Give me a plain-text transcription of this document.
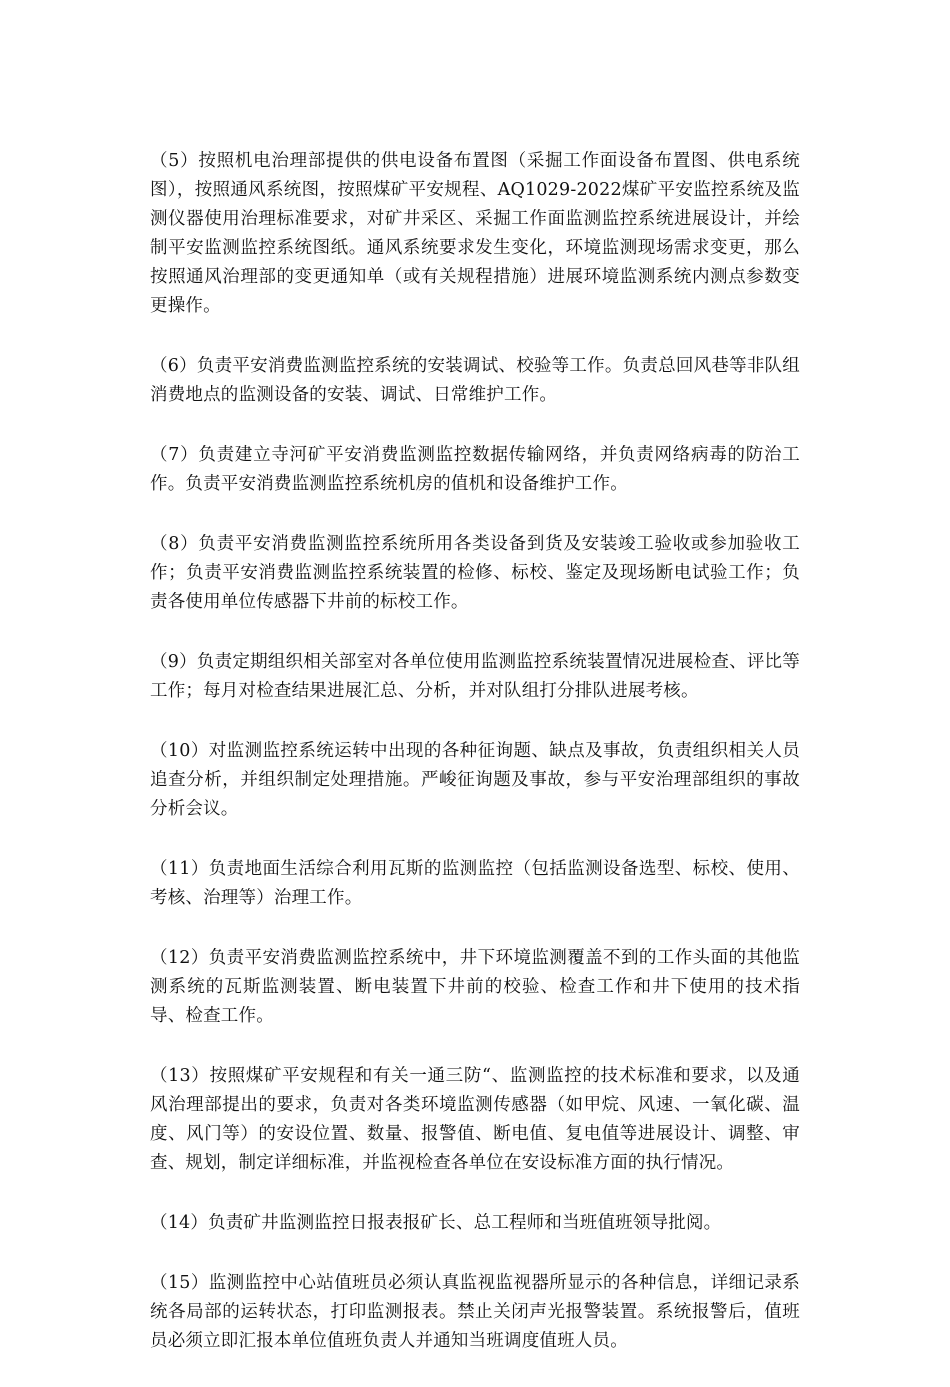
（5）按照机电治理部提供的供电设备布置图（采掘工作面设备布置图、供电系统图），按照通风系统图，按照煤矿平安规程、AQ1029-2022煤矿平安监控系统及监测仪器使用治理标准要求，对矿井采区、采掘工作面监测监控系统进展设计，并绘制平安监测监控系统图纸。通风系统要求发生变化，环境监测现场需求变更，那么按照通风治理部的变更通知单（或有关规程措施）进展环境监测系统内测点参数变更操作。

（6）负责平安消费监测监控系统的安装调试、校验等工作。负责总回风巷等非队组消费地点的监测设备的安装、调试、日常维护工作。

（7）负责建立寺河矿平安消费监测监控数据传输网络，并负责网络病毒的防治工作。负责平安消费监测监控系统机房的值机和设备维护工作。

（8）负责平安消费监测监控系统所用各类设备到货及安装竣工验收或参加验收工作；负责平安消费监测监控系统装置的检修、标校、鉴定及现场断电试验工作；负责各使用单位传感器下井前的标校工作。

（9）负责定期组织相关部室对各单位使用监测监控系统装置情况进展检查、评比等工作；每月对检查结果进展汇总、分析，并对队组打分排队进展考核。

（10）对监测监控系统运转中出现的各种征询题、缺点及事故，负责组织相关人员追查分析，并组织制定处理措施。严峻征询题及事故，参与平安治理部组织的事故分析会议。

（11）负责地面生活综合利用瓦斯的监测监控（包括监测设备选型、标校、使用、考核、治理等）治理工作。

（12）负责平安消费监测监控系统中，井下环境监测覆盖不到的工作头面的其他监测系统的瓦斯监测装置、断电装置下井前的校验、检查工作和井下使用的技术指导、检查工作。

（13）按照煤矿平安规程和有关一通三防“、监测监控的技术标准和要求，以及通风治理部提出的要求，负责对各类环境监测传感器（如甲烷、风速、一氧化碳、温度、风门等）的安设位置、数量、报警值、断电值、复电值等进展设计、调整、审查、规划，制定详细标准，并监视检查各单位在安设标准方面的执行情况。

（14）负责矿井监测监控日报表报矿长、总工程师和当班值班领导批阅。

（15）监测监控中心站值班员必须认真监视监视器所显示的各种信息，详细记录系统各局部的运转状态，打印监测报表。禁止关闭声光报警装置。系统报警后，值班员必须立即汇报本单位值班负责人并通知当班调度值班人员。
